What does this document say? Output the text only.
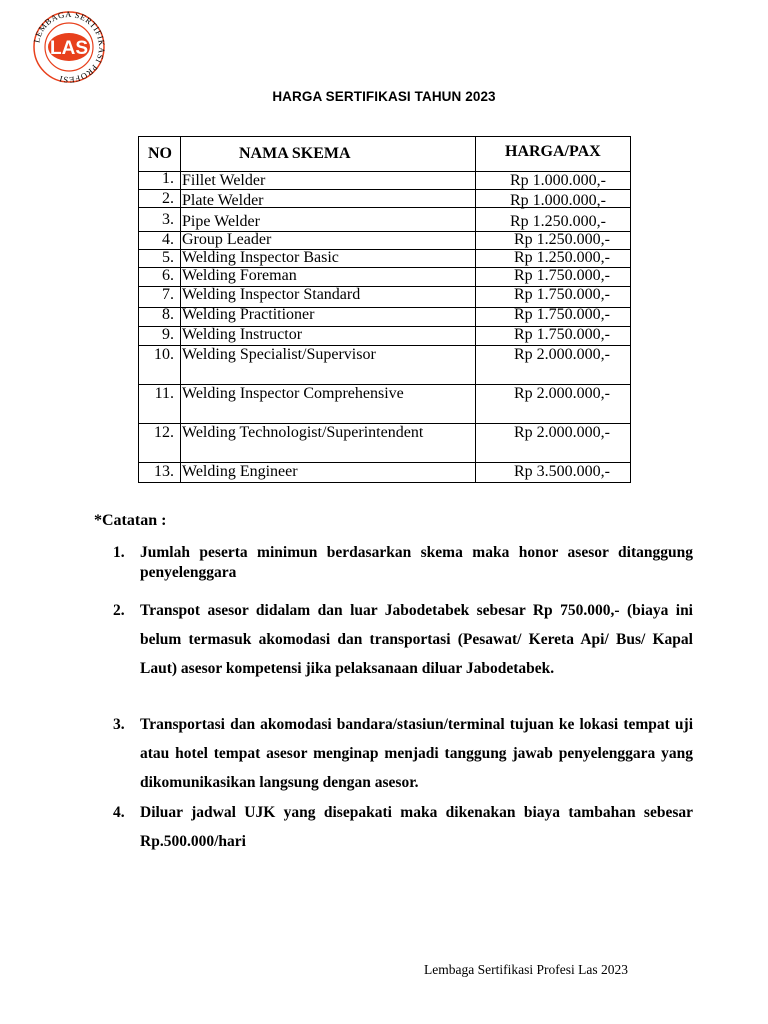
LEMBAGA SERTIFIKASI PROFESI
LAS
HARGA SERTIFIKASI TAHUN 2023
NO	NAMA SKEMA	HARGA/PAX
1. Fillet Welder	Rp 1.000.000,-
2. Plate Welder	Rp 1.000.000,-
3. Pipe Welder	Rp 1.250.000,-
4. Group Leader	Rp 1.250.000,-
5. Welding Inspector Basic	Rp 1.250.000,-
6. Welding Foreman	Rp 1.750.000,-
7. Welding Inspector Standard	Rp 1.750.000,-
8. Welding Practitioner	Rp 1.750.000,-
9. Welding Instructor	Rp 1.750.000,-
10. Welding Specialist/Supervisor	Rp 2.000.000,-
11. Welding Inspector Comprehensive	Rp 2.000.000,-
12. Welding Technologist/Superintendent	Rp 2.000.000,-
13. Welding Engineer	Rp 3.500.000,-
*Catatan :
1. Jumlah peserta minimun berdasarkan skema maka honor asesor ditanggung penyelenggara
2. Transpot asesor didalam dan luar Jabodetabek sebesar Rp 750.000,- (biaya ini belum termasuk akomodasi dan transportasi (Pesawat/ Kereta Api/ Bus/ Kapal Laut) asesor kompetensi jika pelaksanaan diluar Jabodetabek.
3. Transportasi dan akomodasi bandara/stasiun/terminal tujuan ke lokasi tempat uji atau hotel tempat asesor menginap menjadi tanggung jawab penyelenggara yang dikomunikasikan langsung dengan asesor.
4. Diluar jadwal UJK yang disepakati maka dikenakan biaya tambahan sebesar Rp.500.000/hari
Lembaga Sertifikasi Profesi Las 2023
